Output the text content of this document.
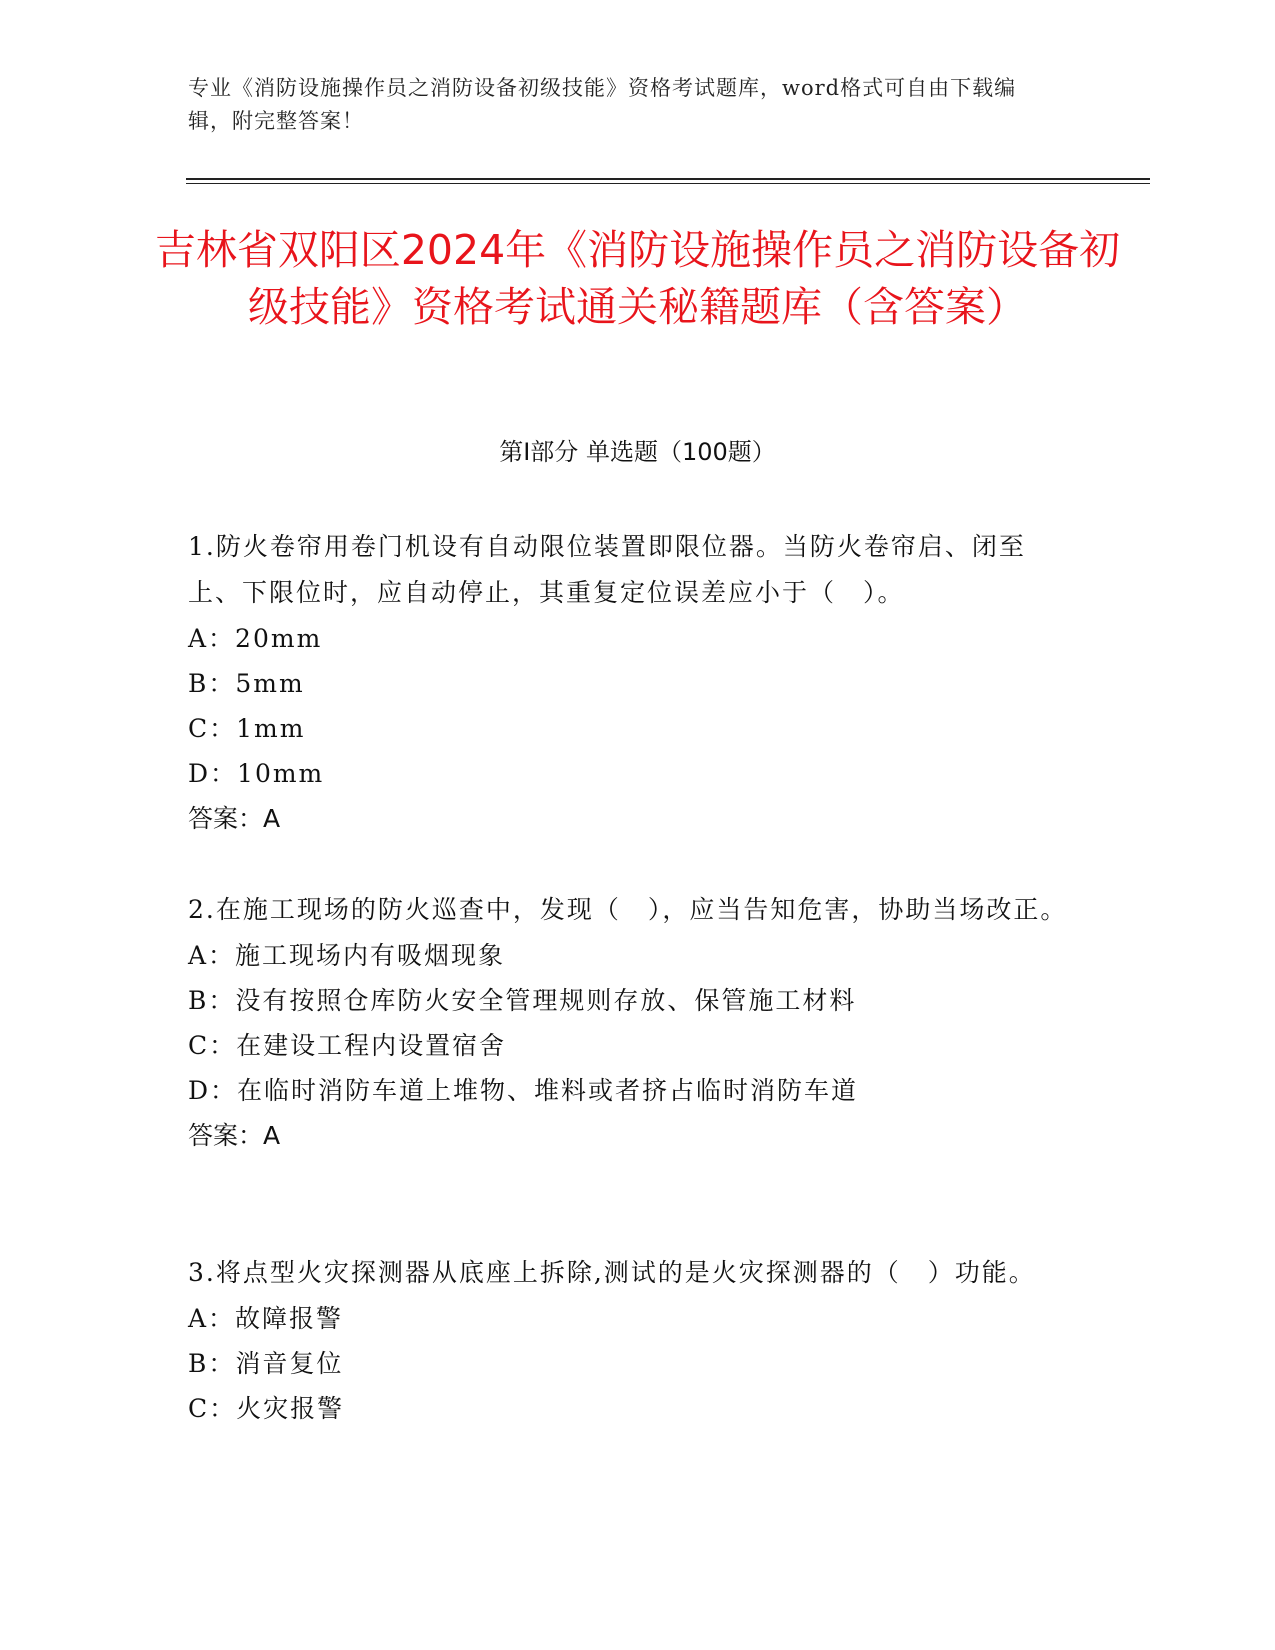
专业《消防设施操作员之消防设备初级技能》资格考试题库，word格式可自由下载编辑，附完整答案！
吉林省双阳区2024年《消防设施操作员之消防设备初级技能》资格考试通关秘籍题库（含答案）
第Ⅰ部分 单选题（100题）

1.防火卷帘用卷门机设有自动限位装置即限位器。当防火卷帘启、闭至上、下限位时，应自动停止，其重复定位误差应小于（　）。

A：20mm

B：5mm

C：1mm

D：10mm

答案：A

2.在施工现场的防火巡查中，发现（　），应当告知危害，协助当场改正。

A：施工现场内有吸烟现象

B：没有按照仓库防火安全管理规则存放、保管施工材料

C：在建设工程内设置宿舍

D：在临时消防车道上堆物、堆料或者挤占临时消防车道

答案：A

3.将点型火灾探测器从底座上拆除,测试的是火灾探测器的（　）功能。

A：故障报警

B：消音复位

C：火灾报警
